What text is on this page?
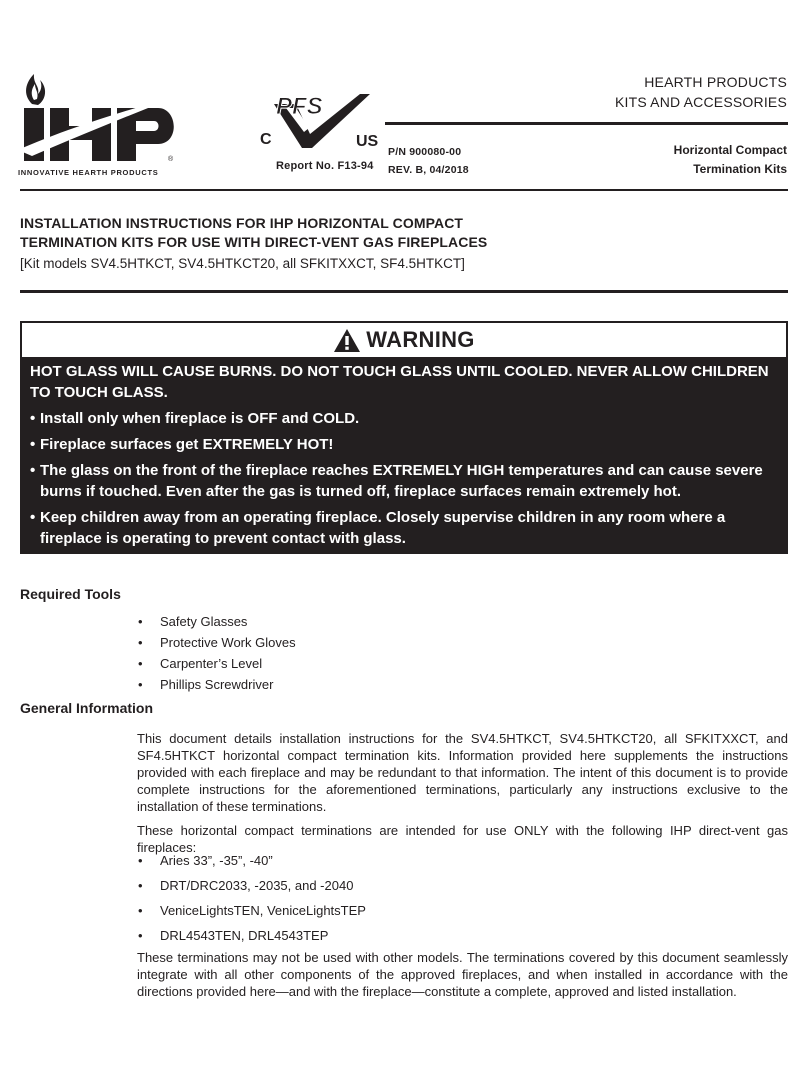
®
INNOVATIVE HEARTH PRODUCTS
PFS
C	US
Report No. F13-94
P/N 900080-00
REV. B, 04/2018
HEARTH PRODUCTS
KITS AND ACCESSORIES
Horizontal Compact
Termination Kits
INSTALLATION INSTRUCTIONS FOR IHP HORIZONTAL COMPACT
TERMINATION KITS FOR USE WITH DIRECT-VENT GAS FIREPLACES
[Kit models SV4.5HTKCT, SV4.5HTKCT20, all SFKITXXCT, SF4.5HTKCT]
WARNING
HOT GLASS WILL CAUSE BURNS. DO NOT TOUCH GLASS UNTIL COOLED. NEVER ALLOW CHILDREN TO TOUCH GLASS.
• Install only when fireplace is OFF and COLD.
• Fireplace surfaces get EXTREMELY HOT!
• The glass on the front of the fireplace reaches EXTREMELY HIGH temperatures and can cause severe burns if touched. Even after the gas is turned off, fireplace surfaces remain extremely hot.
• Keep children away from an operating fireplace. Closely supervise children in any room where a fireplace is operating to prevent contact with glass.
Required Tools
• Safety Glasses
• Protective Work Gloves
• Carpenter’s Level
• Phillips Screwdriver
General Information
This document details installation instructions for the SV4.5HTKCT, SV4.5HTKCT20, all SFKITXXCT, and SF4.5HTKCT horizontal compact termination kits. Information provided here supplements the instructions provided with each fireplace and may be redundant to that information. The intent of this document is to provide complete instructions for the aforementioned terminations, particularly any instructions exclusive to the installation of these terminations.
These horizontal compact terminations are intended for use ONLY with the following IHP direct-vent gas fireplaces:
• Aries 33”, -35”, -40”
• DRT/DRC2033, -2035, and -2040
• VeniceLightsTEN, VeniceLightsTEP
• DRL4543TEN, DRL4543TEP
These terminations may not be used with other models. The terminations covered by this document seamlessly integrate with all other components of the approved fireplaces, and when installed in accordance with the directions provided here—and with the fireplace—constitute a complete, approved and listed installation.
